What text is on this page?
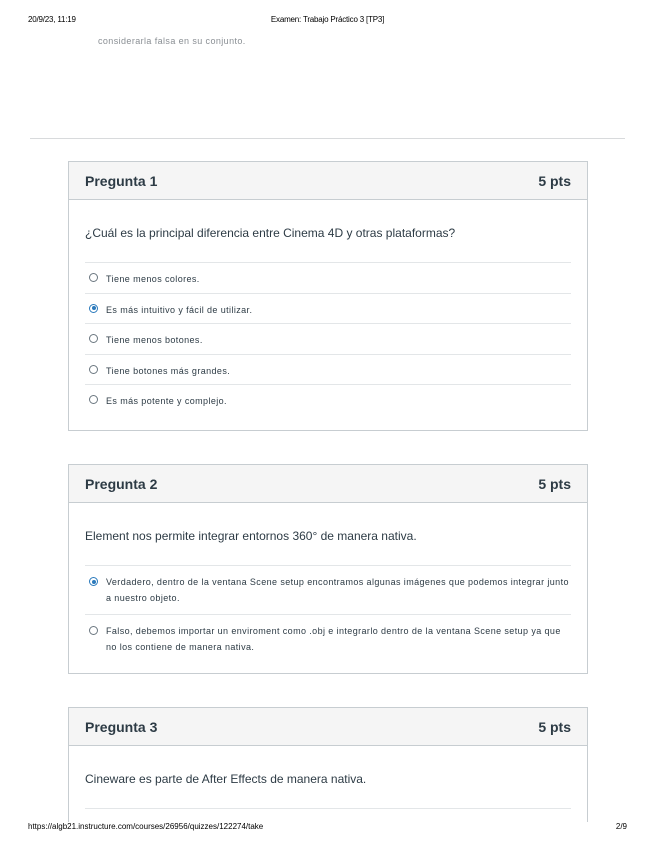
20/9/23, 11:19	Examen: Trabajo Práctico 3 [TP3]
considerarla falsa en su conjunto.
Pregunta 1	5 pts
¿Cuál es la principal diferencia entre Cinema 4D y otras plataformas?
Tiene menos colores.
Es más intuitivo y fácil de utilizar.
Tiene menos botones.
Tiene botones más grandes.
Es más potente y complejo.
Pregunta 2	5 pts
Element nos permite integrar entornos 360° de manera nativa.
Verdadero, dentro de la ventana Scene setup encontramos algunas imágenes que podemos integrar junto a nuestro objeto.
Falso, debemos importar un enviroment como .obj e integrarlo dentro de la ventana Scene setup ya que no los contiene de manera nativa.
Pregunta 3	5 pts
Cineware es parte de After Effects de manera nativa.
https://algb21.instructure.com/courses/26956/quizzes/122274/take	2/9
